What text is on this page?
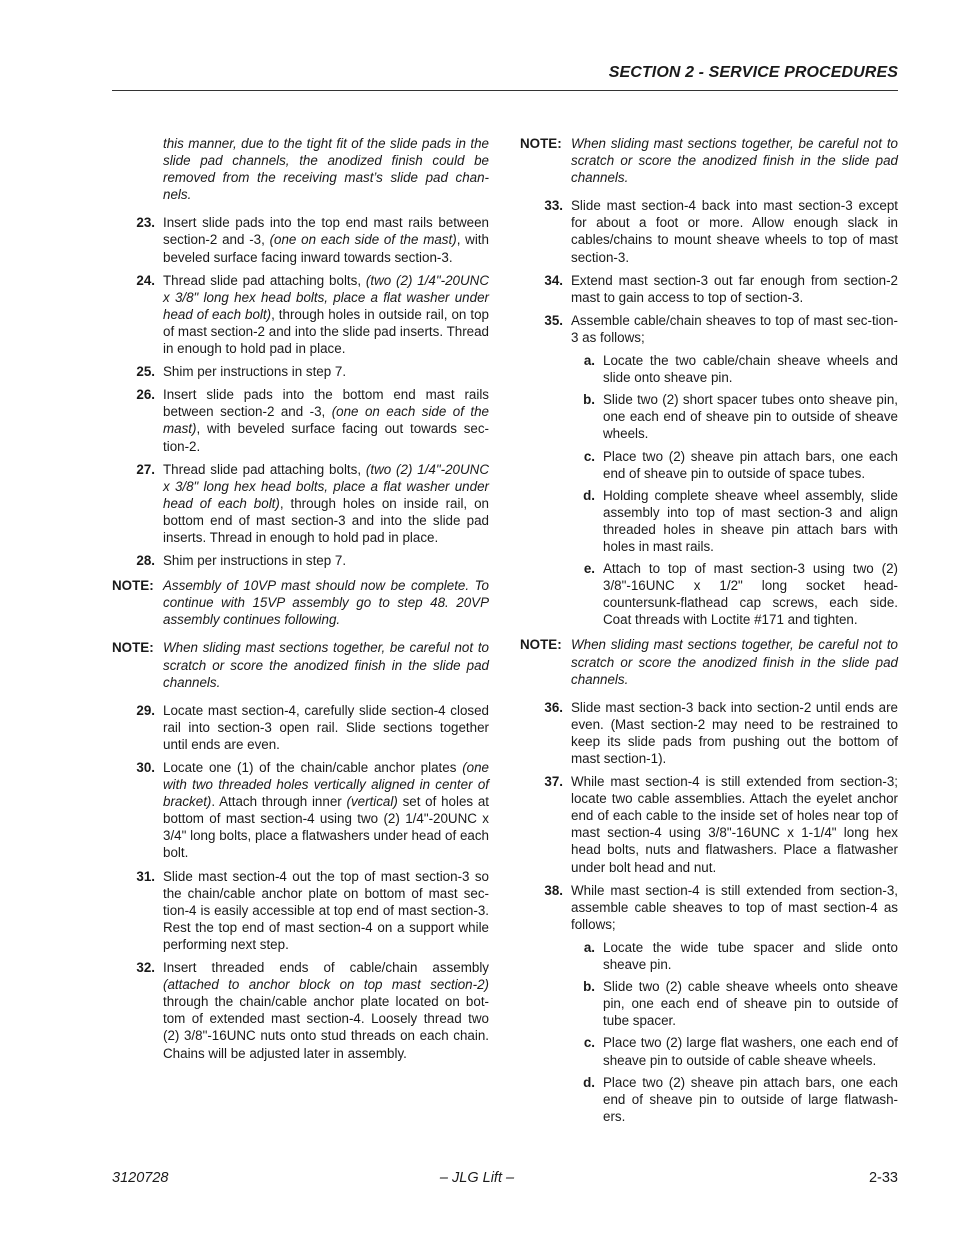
SECTION 2 - SERVICE PROCEDURES
this manner, due to the tight fit of the slide pads in the slide pad channels, the anodized finish could be removed from the receiving mast’s slide pad chan-nels.
23. Insert slide pads into the top end mast rails between section-2 and -3, (one on each side of the mast), with beveled surface facing inward towards section-3.
24. Thread slide pad attaching bolts, (two (2) 1/4"-20UNC x 3/8" long hex head bolts, place a flat washer under head of each bolt), through holes in outside rail, on top of mast section-2 and into the slide pad inserts. Thread in enough to hold pad in place.
25. Shim per instructions in step 7.
26. Insert slide pads into the bottom end mast rails between section-2 and -3, (one on each side of the mast), with beveled surface facing out towards sec-tion-2.
27. Thread slide pad attaching bolts, (two (2) 1/4"-20UNC x 3/8" long hex head bolts, place a flat washer under head of each bolt), through holes on inside rail, on bottom end of mast section-3 and into the slide pad inserts. Thread in enough to hold pad in place.
28. Shim per instructions in step 7.
NOTE: Assembly of 10VP mast should now be complete. To continue with 15VP assembly go to step 48. 20VP assembly continues following.
NOTE: When sliding mast sections together, be careful not to scratch or score the anodized finish in the slide pad channels.
29. Locate mast section-4, carefully slide section-4 closed rail into section-3 open rail. Slide sections together until ends are even.
30. Locate one (1) of the chain/cable anchor plates (one with two threaded holes vertically aligned in center of bracket). Attach through inner (vertical) set of holes at bottom of mast section-4 using two (2) 1/4"-20UNC x 3/4" long bolts, place a flatwashers under head of each bolt.
31. Slide mast section-4 out the top of mast section-3 so the chain/cable anchor plate on bottom of mast sec-tion-4 is easily accessible at top end of mast section-3. Rest the top end of mast section-4 on a support while performing next step.
32. Insert threaded ends of cable/chain assembly (attached to anchor block on top mast section-2) through the chain/cable anchor plate located on bot-tom of extended mast section-4. Loosely thread two (2) 3/8"-16UNC nuts onto stud threads on each chain. Chains will be adjusted later in assembly.
NOTE: When sliding mast sections together, be careful not to scratch or score the anodized finish in the slide pad channels.
33. Slide mast section-4 back into mast section-3 except for about a foot or more. Allow enough slack in cables/chains to mount sheave wheels to top of mast section-3.
34. Extend mast section-3 out far enough from section-2 mast to gain access to top of section-3.
35. Assemble cable/chain sheaves to top of mast sec-tion-3 as follows;
a. Locate the two cable/chain sheave wheels and slide onto sheave pin.
b. Slide two (2) short spacer tubes onto sheave pin, one each end of sheave pin to outside of sheave wheels.
c. Place two (2) sheave pin attach bars, one each end of sheave pin to outside of space tubes.
d. Holding complete sheave wheel assembly, slide assembly into top of mast section-3 and align threaded holes in sheave pin attach bars with holes in mast rails.
e. Attach to top of mast section-3 using two (2) 3/8"-16UNC x 1/2" long socket head-countersunk-flathead cap screws, each side. Coat threads with Loctite #171 and tighten.
NOTE: When sliding mast sections together, be careful not to scratch or score the anodized finish in the slide pad channels.
36. Slide mast section-3 back into section-2 until ends are even. (Mast section-2 may need to be restrained to keep its slide pads from pushing out the bottom of mast section-1).
37. While mast section-4 is still extended from section-3; locate two cable assemblies. Attach the eyelet anchor end of each cable to the inside set of holes near top of mast section-4 using 3/8"-16UNC x 1-1/4" long hex head bolts, nuts and flatwashers. Place a flatwasher under bolt head and nut.
38. While mast section-4 is still extended from section-3, assemble cable sheaves to top of mast section-4 as follows;
a. Locate the wide tube spacer and slide onto sheave pin.
b. Slide two (2) cable sheave wheels onto sheave pin, one each end of sheave pin to outside of tube spacer.
c. Place two (2) large flat washers, one each end of sheave pin to outside of cable sheave wheels.
d. Place two (2) sheave pin attach bars, one each end of sheave pin to outside of large flatwash-ers.
3120728	– JLG Lift –	2-33
